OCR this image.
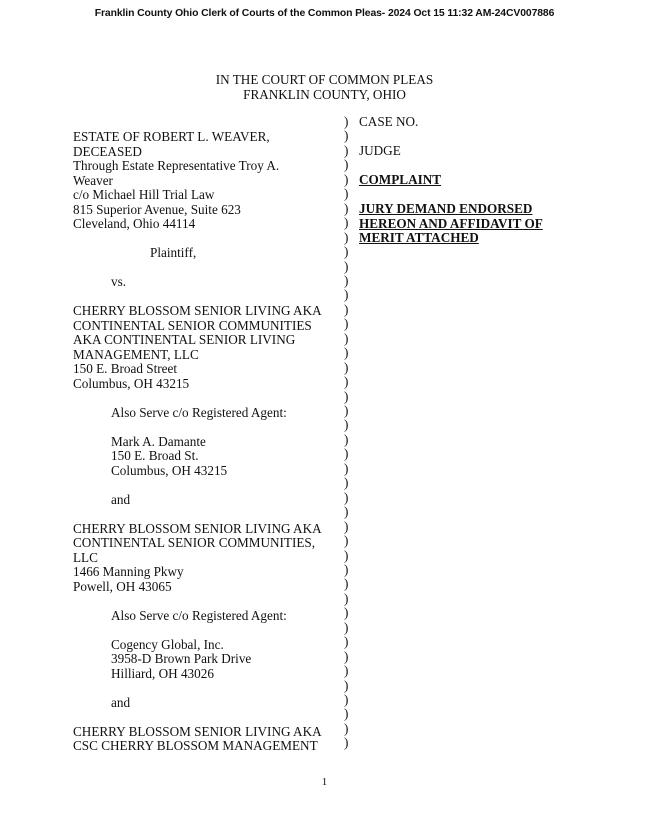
Franklin County Ohio Clerk of Courts of the Common Pleas- 2024 Oct 15 11:32 AM-24CV007886
IN THE COURT OF COMMON PLEAS
FRANKLIN COUNTY, OHIO
ESTATE OF ROBERT L. WEAVER,
DECEASED
Through Estate Representative Troy A.
Weaver
c/o Michael Hill Trial Law
815 Superior Avenue, Suite 623
Cleveland, Ohio 44114
Plaintiff,
vs.
CHERRY BLOSSOM SENIOR LIVING AKA
CONTINENTAL SENIOR COMMUNITIES
AKA CONTINENTAL SENIOR LIVING
MANAGEMENT, LLC
150 E. Broad Street
Columbus, OH 43215
Also Serve c/o Registered Agent:
Mark A. Damante
150 E. Broad St.
Columbus, OH 43215
and
CHERRY BLOSSOM SENIOR LIVING AKA
CONTINENTAL SENIOR COMMUNITIES,
LLC
1466 Manning Pkwy
Powell, OH 43065
Also Serve c/o Registered Agent:
Cogency Global, Inc.
3958-D Brown Park Drive
Hilliard, OH 43026
and
CHERRY BLOSSOM SENIOR LIVING AKA
CSC CHERRY BLOSSOM MANAGEMENT
)
)
)
)
)
)
)
)
)
)
)
)
)
)
)
)
)
)
)
)
)
)
)
)
)
)
)
)
)
)
)
)
)
)
)
)
)
)
)
)
)
)
)
)
CASE NO.
JUDGE
COMPLAINT
JURY DEMAND ENDORSED
HEREON AND AFFIDAVIT OF
MERIT ATTACHED
1
